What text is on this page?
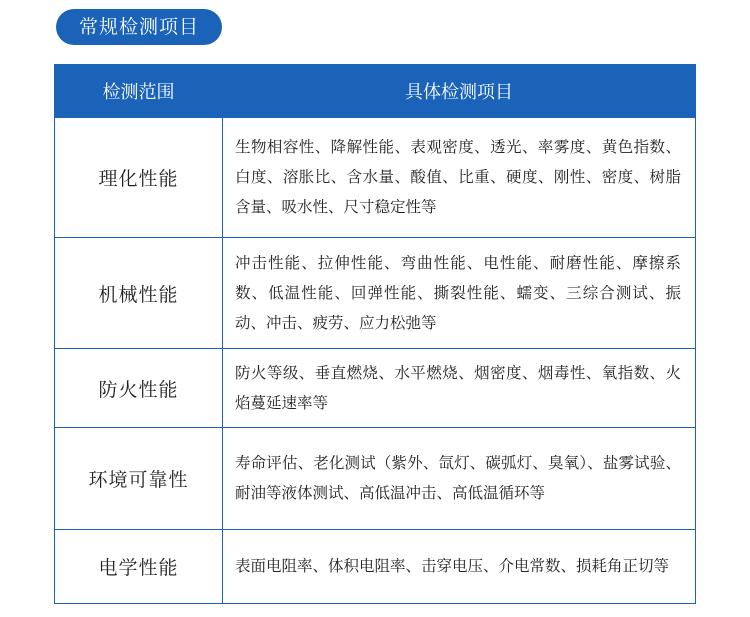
常规检测项目
检测范围	具体检测项目
理化性能	生物相容性、降解性能、表观密度、透光、率雾度、黄色指数、白度、溶胀比、含水量、酸值、比重、硬度、刚性、密度、树脂含量、吸水性、尺寸稳定性等
机械性能	冲击性能、拉伸性能、弯曲性能、电性能、耐磨性能、摩擦系数、低温性能、回弹性能、撕裂性能、蠕变、三综合测试、振动、冲击、疲劳、应力松弛等
防火性能	防火等级、垂直燃烧、水平燃烧、烟密度、烟毒性、氧指数、火焰蔓延速率等
环境可靠性	寿命评估、老化测试（紫外、氙灯、碳弧灯、臭氧）、盐雾试验、耐油等液体测试、高低温冲击、高低温循环等
电学性能	表面电阻率、体积电阻率、击穿电压、介电常数、损耗角正切等
